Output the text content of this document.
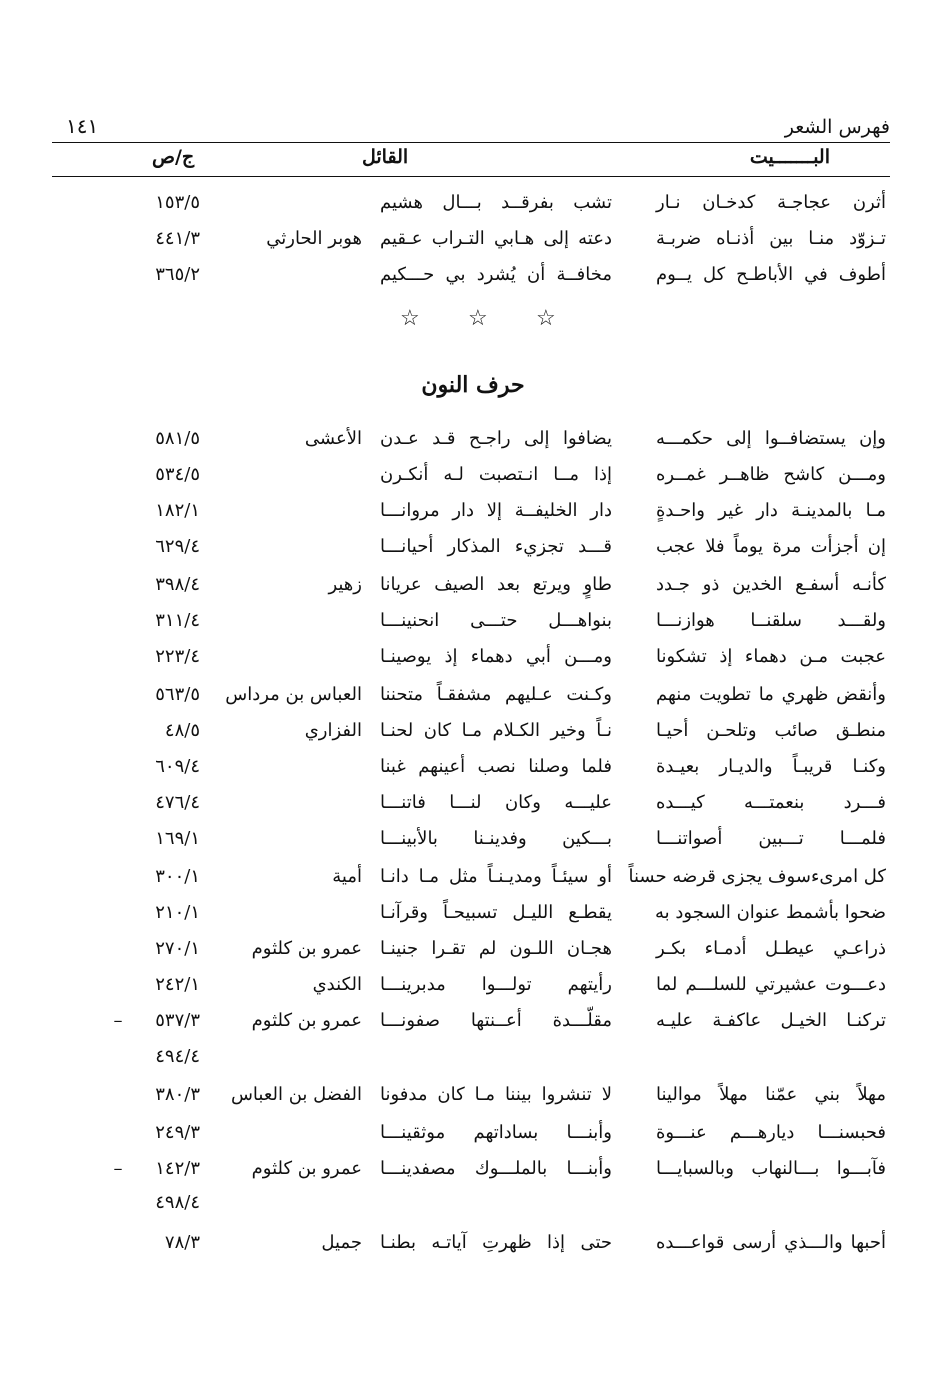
١٤١	فهرس الشعر
البـــــــيت
القائل
ج/ص
أثرن عجاجـة كدخـان نـار
تشب بفرقــد بـــال هشيم
١٥٣/٥
تـزوّد منـا بين أذنـاه ضربـة
دعته إلى هـابي التـراب عـقيم
هوبر الحارثي
٤٤١/٣
أطوف في الأباطـح كل يــوم
مخافــة أن يُشرد بي حـــكيم
٣٦٥/٢
☆ ☆ ☆
حرف النون
وإن يستضافــوا إلى حكمـــه
يضافوا إلى راجـح قـد عـدن
الأعشى
٥٨١/٥
ومـــن كاشح ظاهــر غمــره
إذا مــا انـتصبت لـه أنكـرن
٥٣٤/٥
مـا بالمدينـة دار غير واحـدةٍ
دار الخليفــة إلا دار مروانـــا
١٨٢/١
إن أجزأت مرة يوماً فلا عجب
قـــد تجزيء المذكار أحيانـــا
٦٢٩/٤
كأنـه أسفـع الخدين ذو جـدد
طاوٍ ويرتع بعد الصيف عريانا
زهير
٣٩٨/٤
ولقـــد سلقنــا هوازنـــا
بنواهـــل حتـــى انحنينـــا
٣١١/٤
عجبت مـن دهماء إذ تشكونا
ومـــن أبي دهماء إذ يوصينـا
٢٢٣/٤
وأنقض ظهري ما تطويت منهم
وكـنت عـليهم مشفقـاً متحننا
العباس بن مرداس
٥٦٣/٥
منطـق صائب وتلحـن أحيـا
نـاً وخير الكـلام مـا كان لحنـا
الفزاري
٤٨/٥
وكنـا قريبـاً والديـار بعيـدة
فلما وصلنا نصب أعينهم غبنا
٦٠٩/٤
فـــرد بنعمتـــه كيـــده
عليـــه وكان لنـــا فاتنـــا
٤٧٦/٤
فلمـــا تـــبين أصواتنـــا
بـــكين وفدينـنا بالأبينـــا
١٦٩/١
كل امرىءسوف يجزى قرضه حسناً
أو سيئـاً ومديـنـاً مثل مـا دانـا
أمية
٣٠٠/١
ضحوا بأشمط عنوان السجود به
يقطـع الليـل تسبيحـاً وقرآنـا
٢١٠/١
ذراعـي عيطـل أدمـاء بكـر
هجـان اللـون لم تقـرا جنينـا
عمرو بن كلثوم
٢٧٠/١
دعـــوت عشيرتي للسلـــم لما
رأيتهم تولـــوا مدبرينـــا
الكندي
٢٤٢/١
تركنـا الخيـل عاكفـة عليـه
مقلّـــدة أعــنتها صفونـــا
عمرو بن كلثوم
٥٣٧/٣
–
٤٩٤/٤
مهلاً بني عمّنا مهلاً موالينا
لا تنشروا بيننا مـا كان مدفونا
الفضل بن العباس
٣٨٠/٣
فحبسنـــا ديارهـــم عنـــوة
وأبنـــا بساداتهم موثقينـــا
٢٤٩/٣
فآبـــوا بـــالنهاب وبالسبايـــا
وأبنـــا بالملـــوك مصفدينـــا
عمرو بن كلثوم
١٤٢/٣
–
٤٩٨/٤
أحبها والـــذي أرسى قواعـــده
حتى إذا ظهرتِ آياتـه بطنـا
جميل
٧٨/٣
